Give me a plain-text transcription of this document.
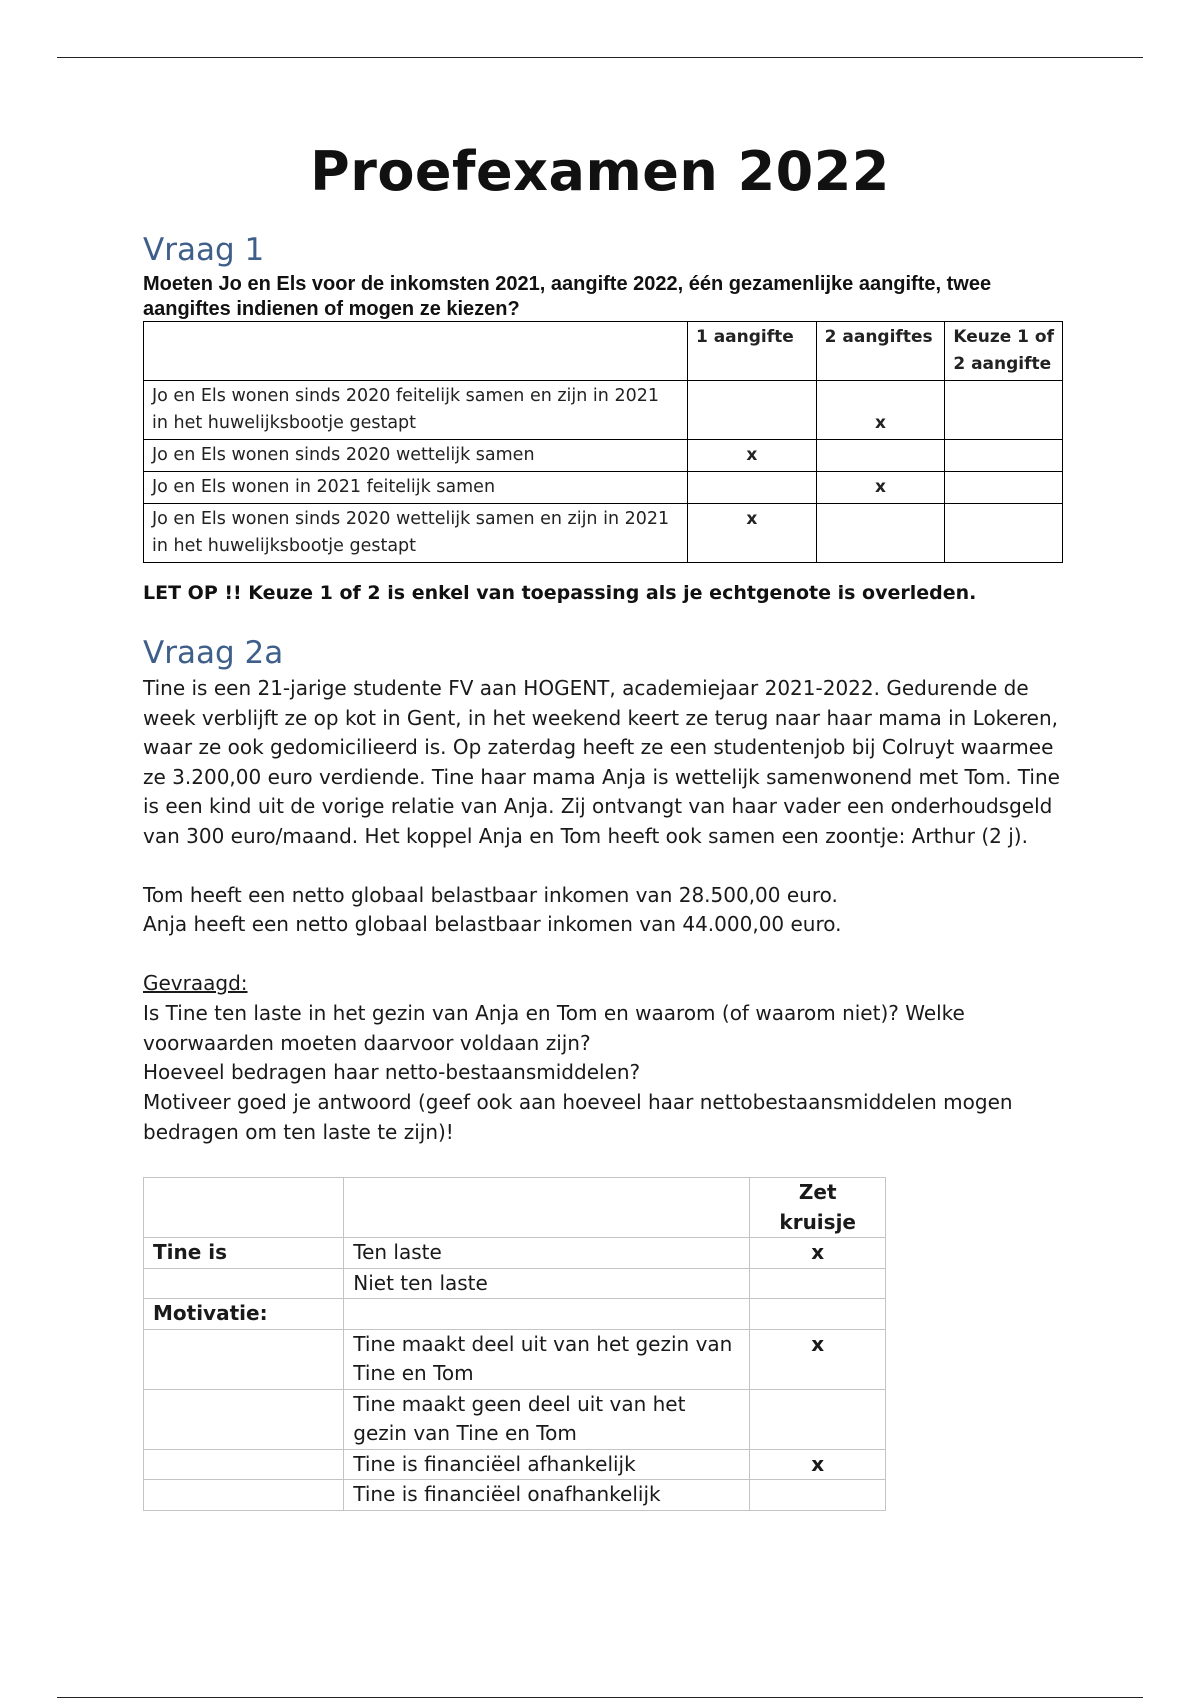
Proefexamen 2022
Vraag 1

Moeten Jo en Els voor de inkomsten 2021, aangifte 2022, één gezamenlijke aangifte, twee aangiftes indienen of mogen ze kiezen?

	1 aangifte	2 aangiftes	Keuze 1 of 2 aangifte
Jo en Els wonen sinds 2020 feitelijk samen en zijn in 2021 in het huwelijksbootje gestapt		x	
Jo en Els wonen sinds 2020 wettelijk samen	x		
Jo en Els wonen in 2021 feitelijk samen		x	
Jo en Els wonen sinds 2020 wettelijk samen en zijn in 2021 in het huwelijksbootje gestapt	x		

LET OP !! Keuze 1 of 2 is enkel van toepassing als je echtgenote is overleden.

Vraag 2a

Tine is een 21-jarige studente FV aan HOGENT, academiejaar 2021-2022. Gedurende de week verblijft ze op kot in Gent, in het weekend keert ze terug naar haar mama in Lokeren, waar ze ook gedomicilieerd is. Op zaterdag heeft ze een studentenjob bij Colruyt waarmee ze 3.200,00 euro verdiende. Tine haar mama Anja is wettelijk samenwonend met Tom. Tine is een kind uit de vorige relatie van Anja. Zij ontvangt van haar vader een onderhoudsgeld van 300 euro/maand. Het koppel Anja en Tom heeft ook samen een zoontje: Arthur (2 j).

Tom heeft een netto globaal belastbaar inkomen van 28.500,00 euro.

Anja heeft een netto globaal belastbaar inkomen van 44.000,00 euro.

Gevraagd:

Is Tine ten laste in het gezin van Anja en Tom en waarom (of waarom niet)? Welke voorwaarden moeten daarvoor voldaan zijn?

Hoeveel bedragen haar netto-bestaansmiddelen?

Motiveer goed je antwoord (geef ook aan hoeveel haar nettobestaansmiddelen mogen bedragen om ten laste te zijn)!

		Zet kruisje
Tine is	Ten laste	x
	Niet ten laste	
Motivatie:		
	Tine maakt deel uit van het gezin van Tine en Tom	x
	Tine maakt geen deel uit van het gezin van Tine en Tom	
	Tine is financiëel afhankelijk	x
	Tine is financiëel onafhankelijk	
